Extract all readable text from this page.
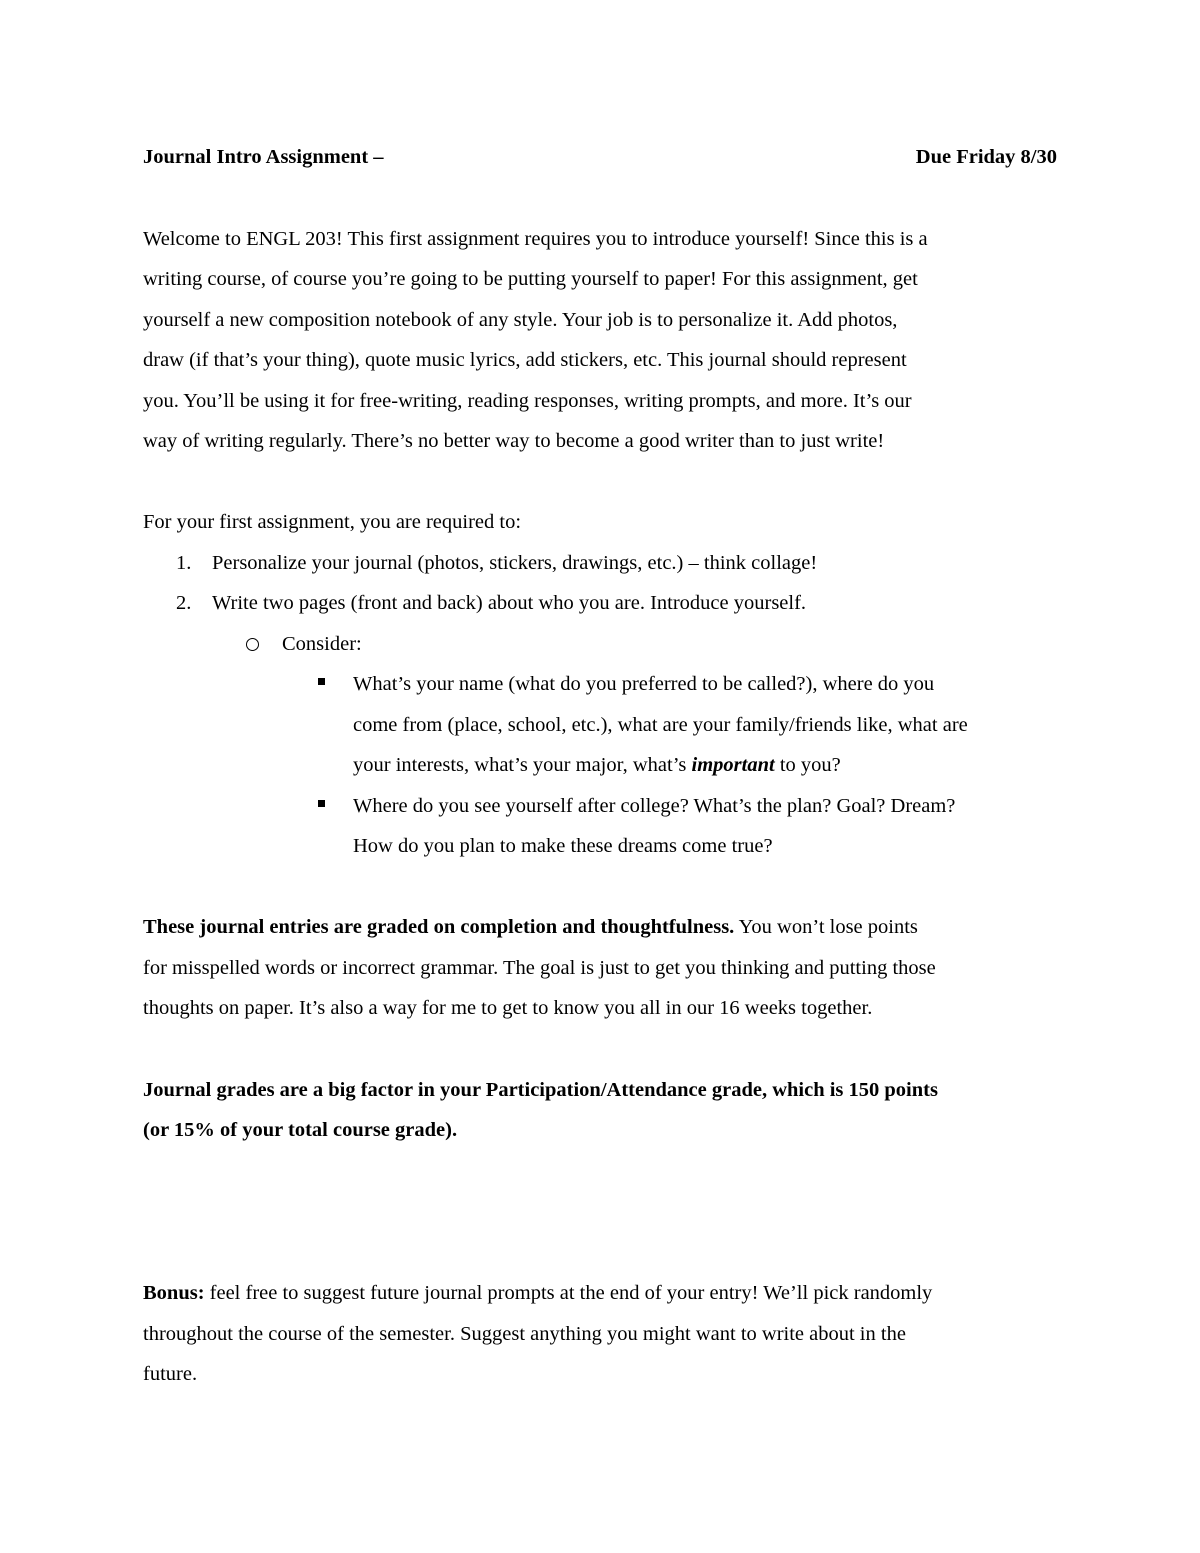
Journal Intro Assignment –	Due Friday 8/30
Welcome to ENGL 203! This first assignment requires you to introduce yourself! Since this is a
writing course, of course you’re going to be putting yourself to paper! For this assignment, get
yourself a new composition notebook of any style. Your job is to personalize it. Add photos,
draw (if that’s your thing), quote music lyrics, add stickers, etc. This journal should represent
you. You’ll be using it for free-writing, reading responses, writing prompts, and more. It’s our
way of writing regularly. There’s no better way to become a good writer than to just write!
For your first assignment, you are required to:
1. Personalize your journal (photos, stickers, drawings, etc.) – think collage!
2. Write two pages (front and back) about who you are. Introduce yourself.
Consider:
What’s your name (what do you preferred to be called?), where do you
come from (place, school, etc.), what are your family/friends like, what are
your interests, what’s your major, what’s important to you?
Where do you see yourself after college? What’s the plan? Goal? Dream?
How do you plan to make these dreams come true?
These journal entries are graded on completion and thoughtfulness. You won’t lose points
for misspelled words or incorrect grammar. The goal is just to get you thinking and putting those
thoughts on paper. It’s also a way for me to get to know you all in our 16 weeks together.
Journal grades are a big factor in your Participation/Attendance grade, which is 150 points
(or 15% of your total course grade).
Bonus: feel free to suggest future journal prompts at the end of your entry! We’ll pick randomly
throughout the course of the semester. Suggest anything you might want to write about in the
future.
